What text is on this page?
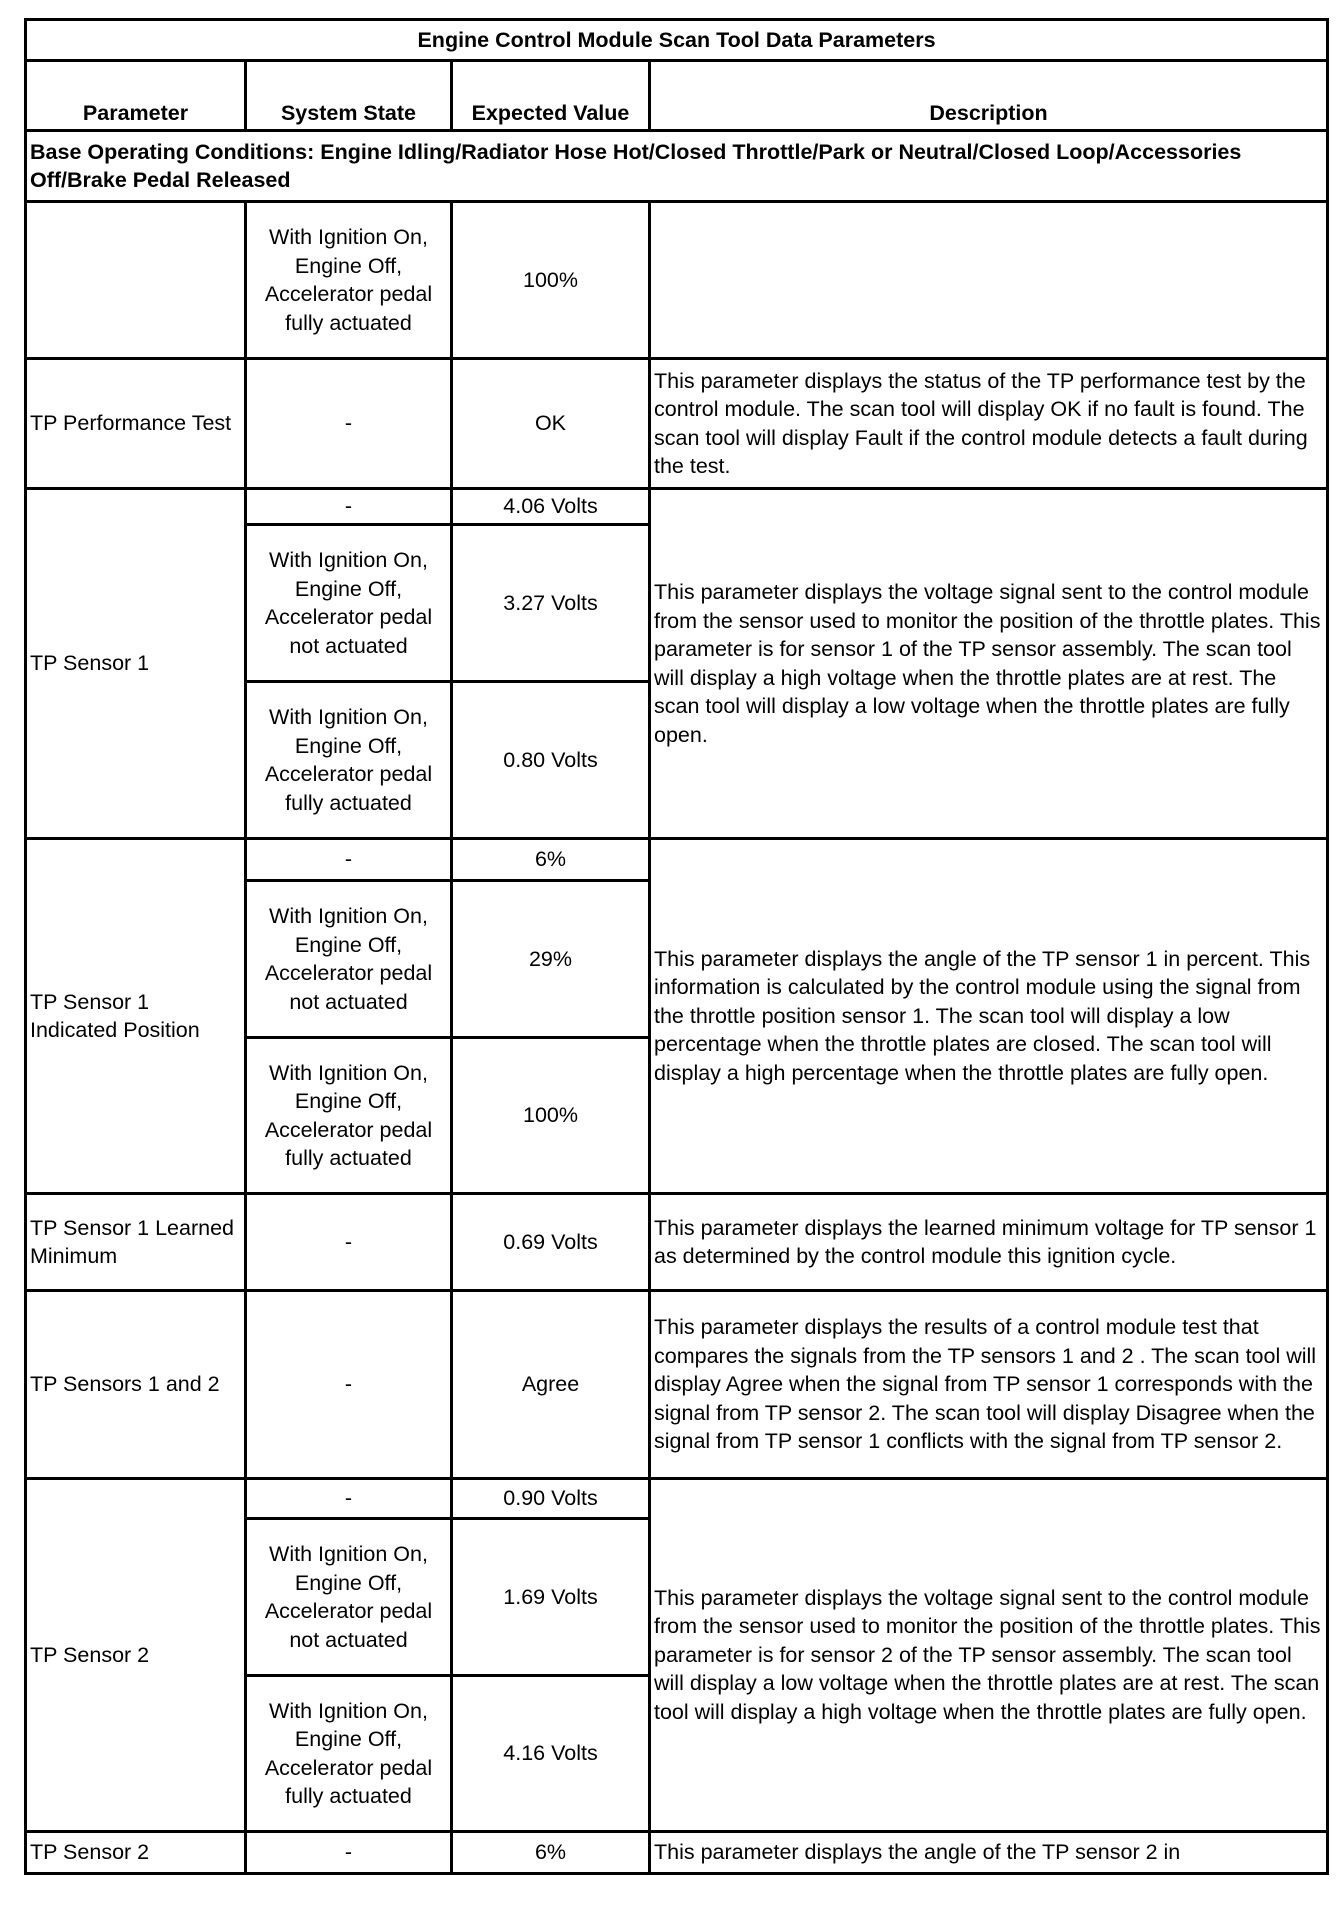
Engine Control Module Scan Tool Data Parameters			
Parameter	System State	Expected Value	Description
Base Operating Conditions: Engine Idling/Radiator Hose Hot/Closed Throttle/Park or Neutral/Closed Loop/Accessories Off/Brake Pedal Released			
	With Ignition On, Engine Off, Accelerator pedal fully actuated	100%	
TP Performance Test	-	OK	This parameter displays the status of the TP performance test by the control module. The scan tool will display OK if no fault is found. The scan tool will display Fault if the control module detects a fault during the test.
TP Sensor 1	-	4.06 Volts	This parameter displays the voltage signal sent to the control module from the sensor used to monitor the position of the throttle plates. This parameter is for sensor 1 of the TP sensor assembly. The scan tool will display a high voltage when the throttle plates are at rest. The scan tool will display a low voltage when the throttle plates are fully open.
	With Ignition On, Engine Off, Accelerator pedal not actuated	3.27 Volts	
	With Ignition On, Engine Off, Accelerator pedal fully actuated	0.80 Volts	
TP Sensor 1 Indicated Position	-	6%	This parameter displays the angle of the TP sensor 1 in percent. This information is calculated by the control module using the signal from the throttle position sensor 1. The scan tool will display a low percentage when the throttle plates are closed. The scan tool will display a high percentage when the throttle plates are fully open.
	With Ignition On, Engine Off, Accelerator pedal not actuated	29%	
	With Ignition On, Engine Off, Accelerator pedal fully actuated	100%	
TP Sensor 1 Learned Minimum	-	0.69 Volts	This parameter displays the learned minimum voltage for TP sensor 1 as determined by the control module this ignition cycle.
TP Sensors 1 and 2	-	Agree	This parameter displays the results of a control module test that compares the signals from the TP sensors 1 and 2 . The scan tool will display Agree when the signal from TP sensor 1 corresponds with the signal from TP sensor 2. The scan tool will display Disagree when the signal from TP sensor 1 conflicts with the signal from TP sensor 2.
TP Sensor 2	-	0.90 Volts	This parameter displays the voltage signal sent to the control module from the sensor used to monitor the position of the throttle plates. This parameter is for sensor 2 of the TP sensor assembly. The scan tool will display a low voltage when the throttle plates are at rest. The scan tool will display a high voltage when the throttle plates are fully open.
	With Ignition On, Engine Off, Accelerator pedal not actuated	1.69 Volts	
	With Ignition On, Engine Off, Accelerator pedal fully actuated	4.16 Volts	
TP Sensor 2	-	6%	This parameter displays the angle of the TP sensor 2 in
